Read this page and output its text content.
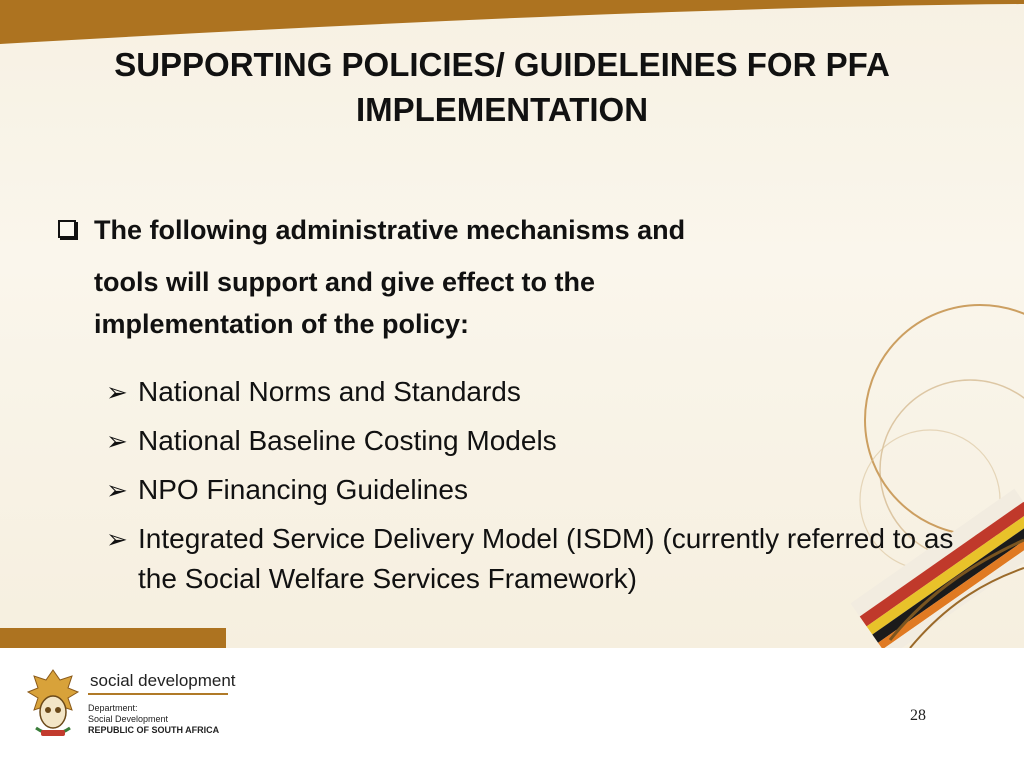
SUPPORTING POLICIES/ GUIDELEINES FOR PFA IMPLEMENTATION

The following administrative mechanisms and
tools will support and give effect to the
implementation of the policy:

➢ National Norms and Standards
➢ National Baseline Costing Models
➢ NPO Financing Guidelines
➢ Integrated Service Delivery Model (ISDM) (currently referred to as the Social Welfare Services Framework)
social development
Department:
Social Development
REPUBLIC OF SOUTH AFRICA
28
